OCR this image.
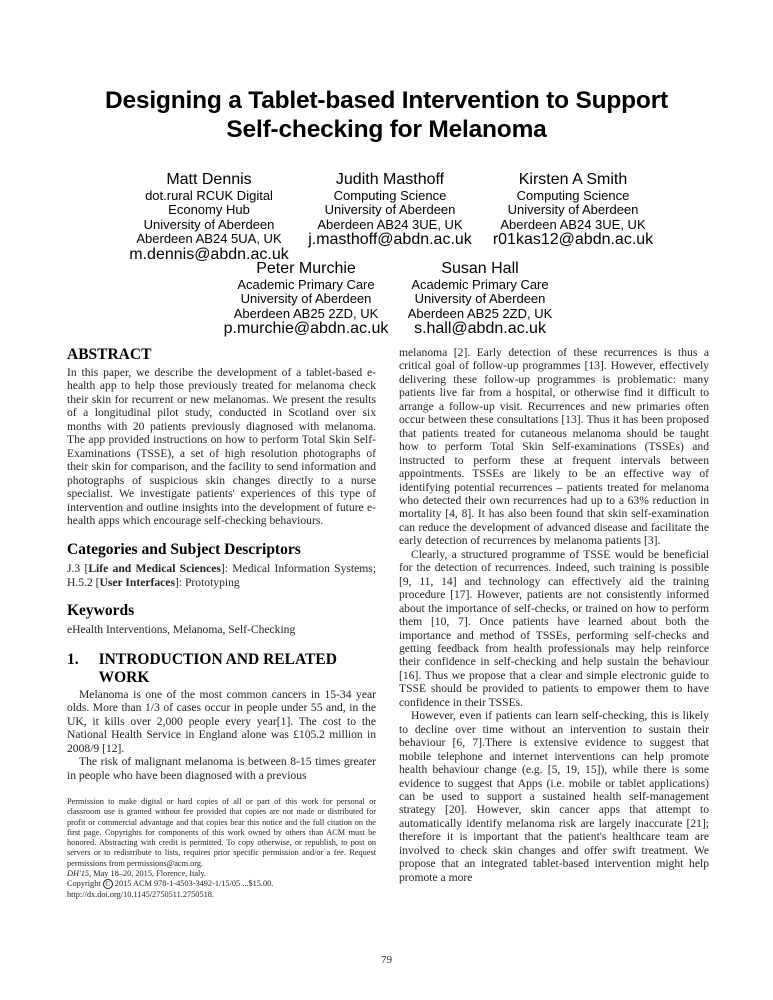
Designing a Tablet-based Intervention to Support
Self-checking for Melanoma
Matt Dennis
dot.rural RCUK Digital
Economy Hub
University of Aberdeen
Aberdeen AB24 5UA, UK
m.dennis@abdn.ac.uk
Judith Masthoff
Computing Science
University of Aberdeen
Aberdeen AB24 3UE, UK
j.masthoff@abdn.ac.uk
Kirsten A Smith
Computing Science
University of Aberdeen
Aberdeen AB24 3UE, UK
r01kas12@abdn.ac.uk
Peter Murchie
Academic Primary Care
University of Aberdeen
Aberdeen AB25 2ZD, UK
p.murchie@abdn.ac.uk
Susan Hall
Academic Primary Care
University of Aberdeen
Aberdeen AB25 2ZD, UK
s.hall@abdn.ac.uk
ABSTRACT
In this paper, we describe the development of a tablet-based e-health app to help those previously treated for melanoma check their skin for recurrent or new melanomas. We present the results of a longitudinal pilot study, conducted in Scotland over six months with 20 patients previously diagnosed with melanoma. The app provided instructions on how to perform Total Skin Self-Examinations (TSSE), a set of high resolution photographs of their skin for comparison, and the facility to send information and photographs of suspicious skin changes directly to a nurse specialist. We investigate patients' experiences of this type of intervention and outline insights into the development of future e-health apps which encourage self-checking behaviours.
Categories and Subject Descriptors
J.3 [Life and Medical Sciences]: Medical Information Systems; H.5.2 [User Interfaces]: Prototyping
Keywords
eHealth Interventions, Melanoma, Self-Checking
1. INTRODUCTION AND RELATED WORK
Melanoma is one of the most common cancers in 15-34 year olds. More than 1/3 of cases occur in people under 55 and, in the UK, it kills over 2,000 people every year[1]. The cost to the National Health Service in England alone was £105.2 million in 2008/9 [12].
The risk of malignant melanoma is between 8-15 times greater in people who have been diagnosed with a previous
melanoma [2]. Early detection of these recurrences is thus a critical goal of follow-up programmes [13]. However, effectively delivering these follow-up programmes is problematic: many patients live far from a hospital, or otherwise find it difficult to arrange a follow-up visit. Recurrences and new primaries often occur between these consultations [13]. Thus it has been proposed that patients treated for cutaneous melanoma should be taught how to perform Total Skin Self-examinations (TSSEs) and instructed to perform these at frequent intervals between appointments. TSSEs are likely to be an effective way of identifying potential recurrences – patients treated for melanoma who detected their own recurrences had up to a 63% reduction in mortality [4, 8]. It has also been found that skin self-examination can reduce the development of advanced disease and facilitate the early detection of recurrences by melanoma patients [3].
Clearly, a structured programme of TSSE would be beneficial for the detection of recurrences. Indeed, such training is possible [9, 11, 14] and technology can effectively aid the training procedure [17]. However, patients are not consistently informed about the importance of self-checks, or trained on how to perform them [10, 7]. Once patients have learned about both the importance and method of TSSEs, performing self-checks and getting feedback from health professionals may help reinforce their confidence in self-checking and help sustain the behaviour [16]. Thus we propose that a clear and simple electronic guide to TSSE should be provided to patients to empower them to have confidence in their TSSEs.
However, even if patients can learn self-checking, this is likely to decline over time without an intervention to sustain their behaviour [6, 7].There is extensive evidence to suggest that mobile telephone and internet interventions can help promote health behaviour change (e.g. [5, 19, 15]), while there is some evidence to suggest that Apps (i.e. mobile or tablet applications) can be used to support a sustained health self-management strategy [20]. However, skin cancer apps that attempt to automatically identify melanoma risk are largely inaccurate [21]; therefore it is important that the patient's healthcare team are involved to check skin changes and offer swift treatment. We propose that an integrated tablet-based intervention might help promote a more
Permission to make digital or hard copies of all or part of this work for personal or classroom use is granted without fee provided that copies are not made or distributed for profit or commercial advantage and that copies bear this notice and the full citation on the first page. Copyrights for components of this work owned by others than ACM must be honored. Abstracting with credit is permitted. To copy otherwise, or republish, to post on servers or to redistribute to lists, requires prior specific permission and/or a fee. Request permissions from permissions@acm.org.
DH'15, May 18–20, 2015, Florence, Italy.
Copyright C 2015 ACM 978-1-4503-3492-1/15/05 ...$15.00.
http://dx.doi.org/10.1145/2750511.2750518.
79
